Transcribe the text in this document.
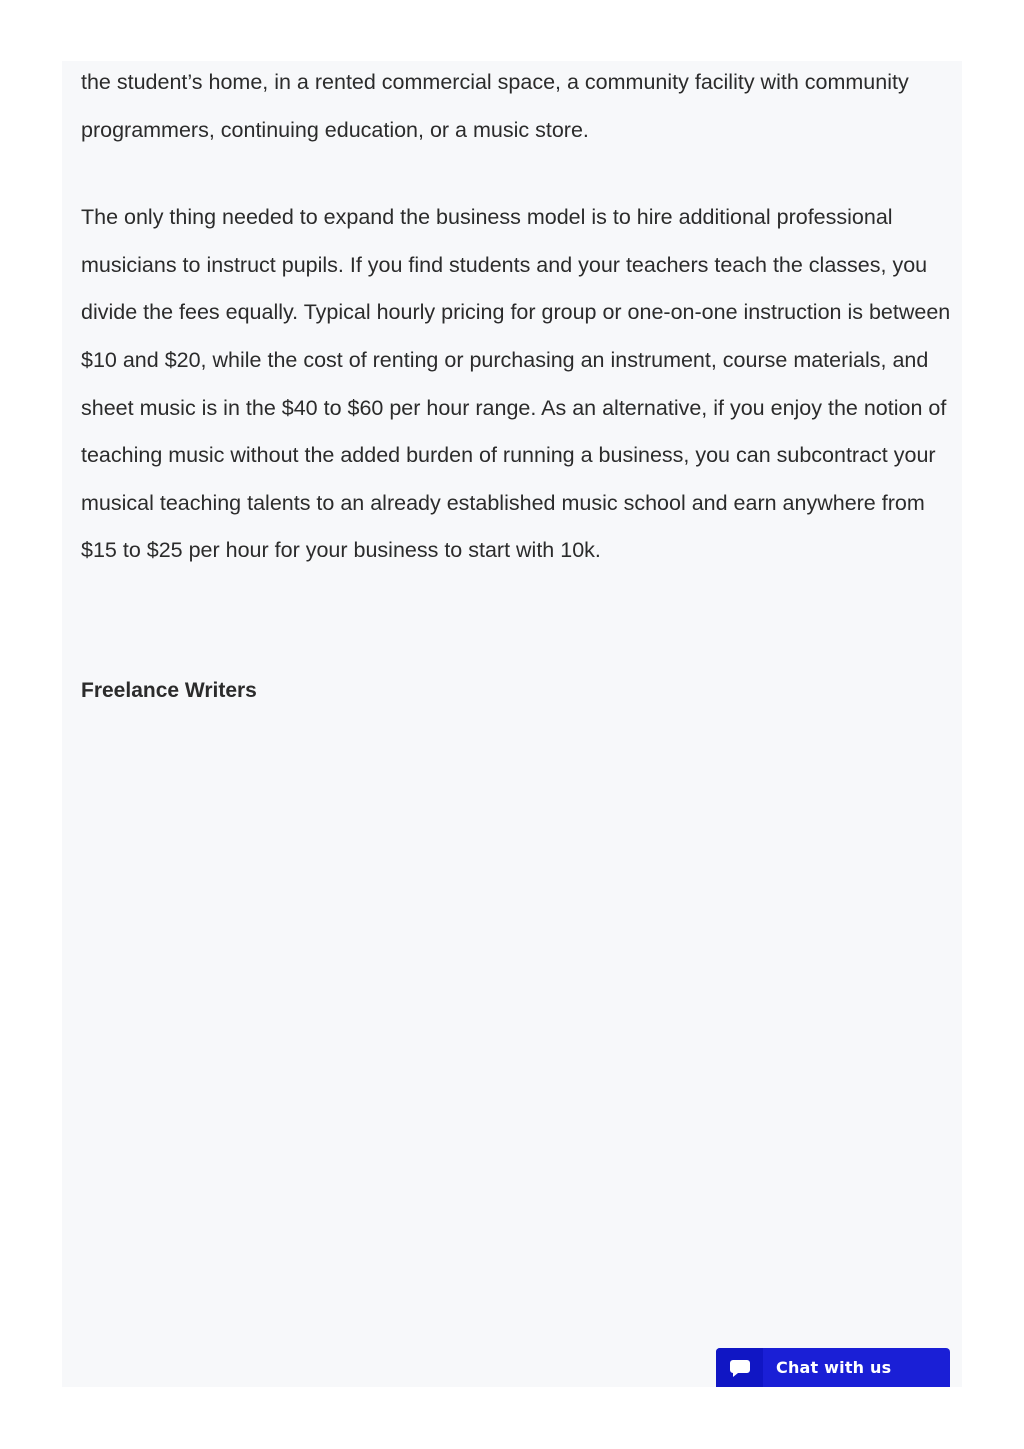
the student’s home, in a rented commercial space, a community facility with community programmers, continuing education, or a music store.

The only thing needed to expand the business model is to hire additional professional musicians to instruct pupils. If you find students and your teachers teach the classes, you divide the fees equally. Typical hourly pricing for group or one-on-one instruction is between $10 and $20, while the cost of renting or purchasing an instrument, course materials, and sheet music is in the $40 to $60 per hour range. As an alternative, if you enjoy the notion of teaching music without the added burden of running a business, you can subcontract your musical teaching talents to an already established music school and earn anywhere from $15 to $25 per hour for your business to start with 10k.

Freelance Writers
Chat with us
